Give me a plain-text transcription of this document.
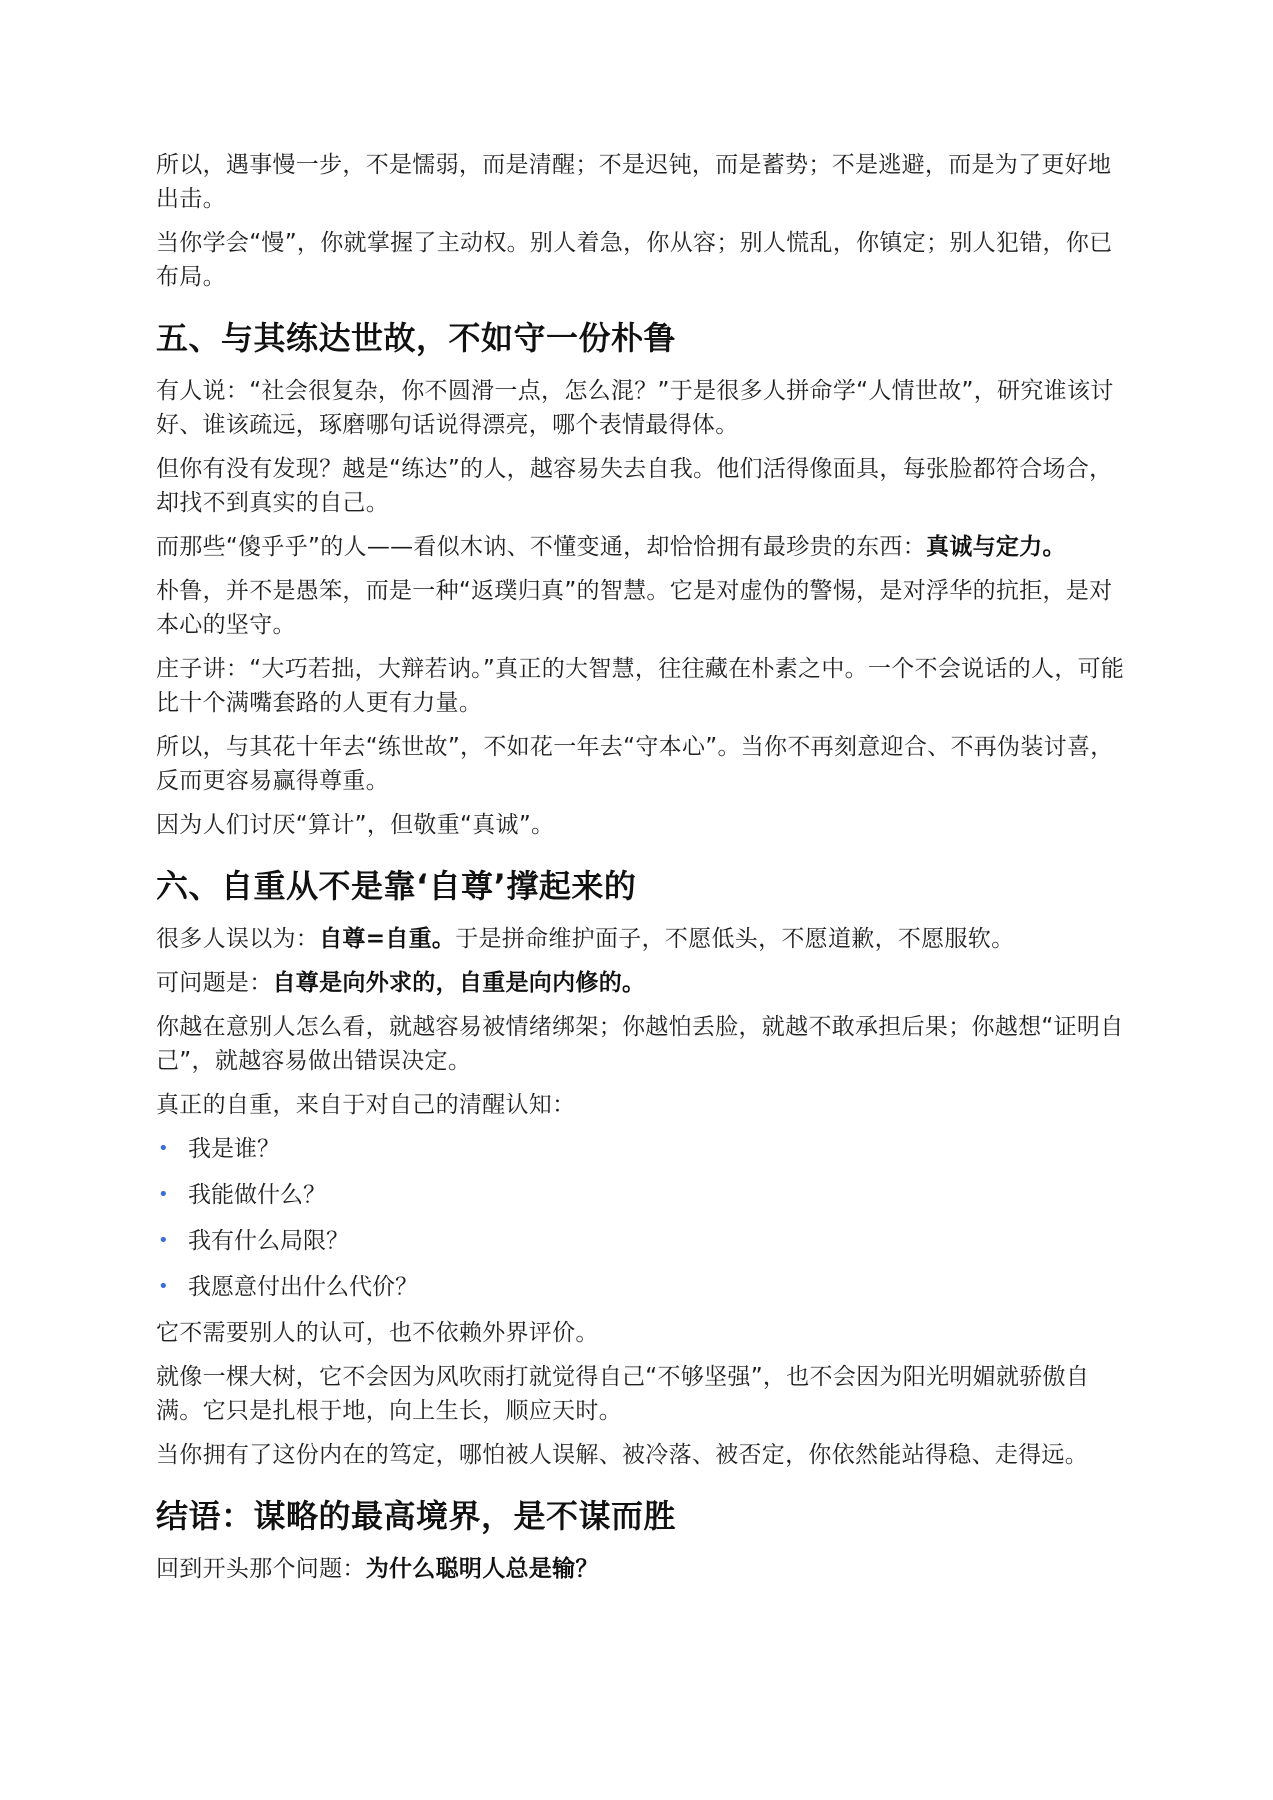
所以，遇事慢一步，不是懦弱，而是清醒；不是迟钝，而是蓄势；不是逃避，而是为了更好地出击。

当你学会“慢”，你就掌握了主动权。别人着急，你从容；别人慌乱，你镇定；别人犯错，你已布局。

五、与其练达世故，不如守一份朴鲁

有人说：“社会很复杂，你不圆滑一点，怎么混？”于是很多人拼命学“人情世故”，研究谁该讨好、谁该疏远，琢磨哪句话说得漂亮，哪个表情最得体。

但你有没有发现？越是“练达”的人，越容易失去自我。他们活得像面具，每张脸都符合场合，却找不到真实的自己。

而那些“傻乎乎”的人——看似木讷、不懂变通，却恰恰拥有最珍贵的东西：真诚与定力。

朴鲁，并不是愚笨，而是一种“返璞归真”的智慧。它是对虚伪的警惕，是对浮华的抗拒，是对本心的坚守。

庄子讲：“大巧若拙，大辩若讷。”真正的大智慧，往往藏在朴素之中。一个不会说话的人，可能比十个满嘴套路的人更有力量。

所以，与其花十年去“练世故”，不如花一年去“守本心”。当你不再刻意迎合、不再伪装讨喜，反而更容易赢得尊重。

因为人们讨厌“算计”，但敬重“真诚”。

六、自重从不是靠‘自尊’撑起来的

很多人误以为：自尊=自重。于是拼命维护面子，不愿低头，不愿道歉，不愿服软。

可问题是：自尊是向外求的，自重是向内修的。

你越在意别人怎么看，就越容易被情绪绑架；你越怕丢脸，就越不敢承担后果；你越想“证明自己”，就越容易做出错误决定。

真正的自重，来自于对自己的清醒认知：

• 我是谁？
• 我能做什么？
• 我有什么局限？
• 我愿意付出什么代价？

它不需要别人的认可，也不依赖外界评价。

就像一棵大树，它不会因为风吹雨打就觉得自己“不够坚强”，也不会因为阳光明媚就骄傲自满。它只是扎根于地，向上生长，顺应天时。

当你拥有了这份内在的笃定，哪怕被人误解、被冷落、被否定，你依然能站得稳、走得远。

结语：谋略的最高境界，是不谋而胜

回到开头那个问题：为什么聪明人总是输？
